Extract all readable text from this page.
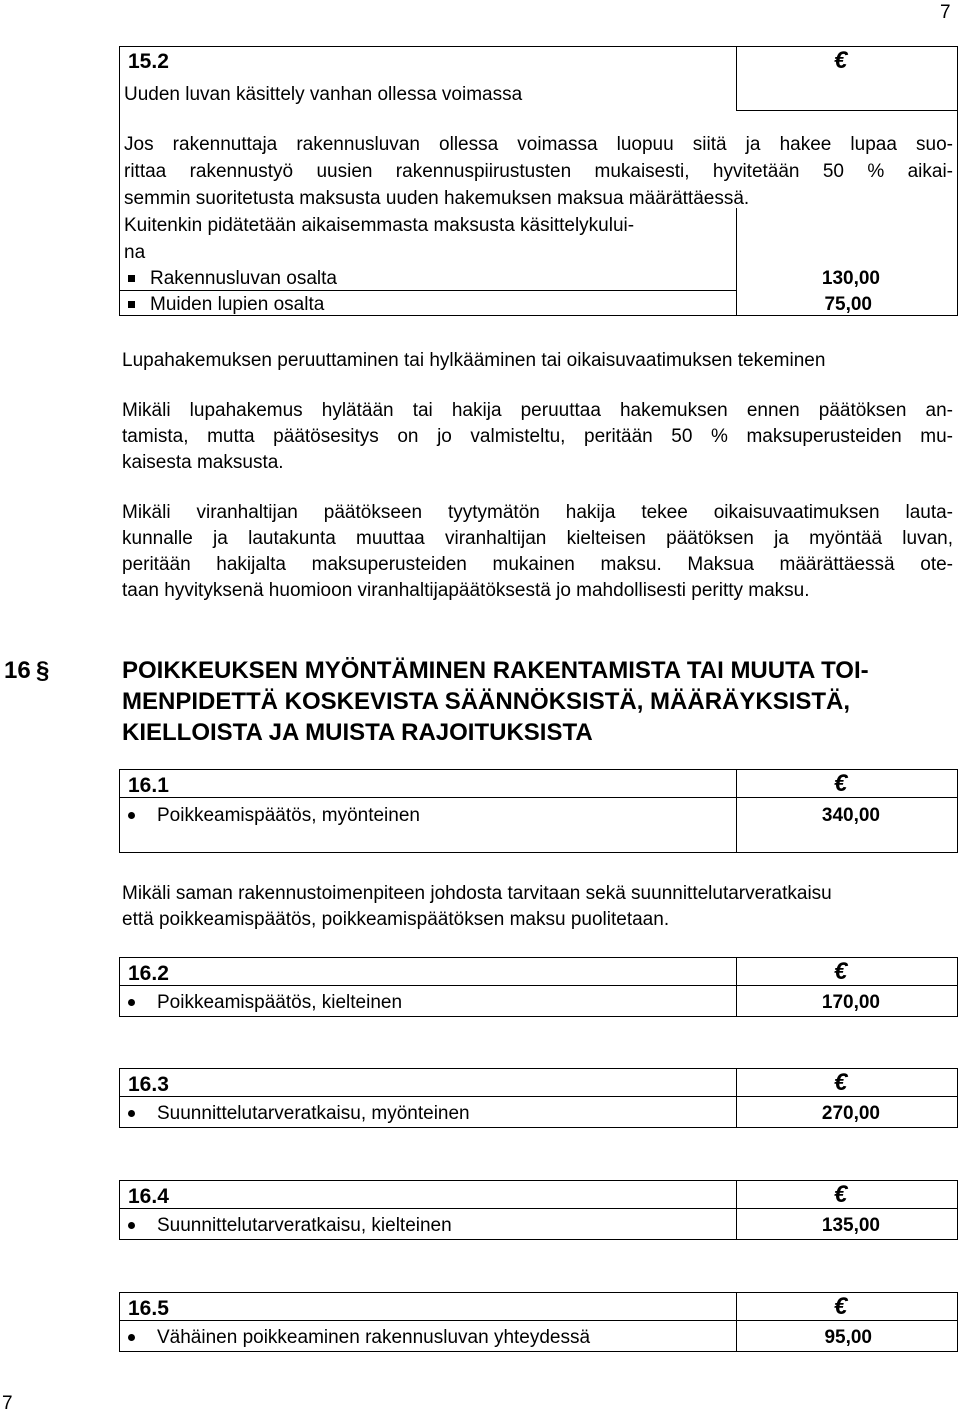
7
7
15.2	€
Uuden luvan käsittely vanhan ollessa voimassa
Jos rakennuttaja rakennusluvan ollessa voimassa luopuu siitä ja hakee lupaa suo-
rittaa rakennustyö uusien rakennuspiirustusten mukaisesti, hyvitetään 50 % aikai-
semmin suoritetusta maksusta uuden hakemuksen maksua määrättäessä.
Kuitenkin pidätetään aikaisemmasta maksusta käsittelykului-
na
Rakennusluvan osalta	130,00
Muiden lupien osalta	75,00
Lupahakemuksen peruuttaminen tai hylkääminen tai oikaisuvaatimuksen tekeminen
Mikäli lupahakemus hylätään tai hakija peruuttaa hakemuksen ennen päätöksen an-
tamista, mutta päätösesitys on jo valmisteltu, peritään 50 % maksuperusteiden mu-
kaisesta maksusta.
Mikäli viranhaltijan päätökseen tyytymätön hakija tekee oikaisuvaatimuksen lauta-
kunnalle ja lautakunta muuttaa viranhaltijan kielteisen päätöksen ja myöntää luvan,
peritään hakijalta maksuperusteiden mukainen maksu. Maksua määrättäessä ote-
taan hyvityksenä huomioon viranhaltijapäätöksestä jo mahdollisesti peritty maksu.
16 §	POIKKEUKSEN MYÖNTÄMINEN RAKENTAMISTA TAI MUUTA TOI-
MENPIDETTÄ KOSKEVISTA SÄÄNNÖKSISTÄ, MÄÄRÄYKSISTÄ,
KIELLOISTA JA MUISTA RAJOITUKSISTA
16.1	€
Poikkeamispäätös, myönteinen	340,00
Mikäli saman rakennustoimenpiteen johdosta tarvitaan sekä suunnittelutarveratkaisu
että poikkeamispäätös, poikkeamispäätöksen maksu puolitetaan.
16.2	€
Poikkeamispäätös, kielteinen	170,00
16.3	€
Suunnittelutarveratkaisu, myönteinen	270,00
16.4	€
Suunnittelutarveratkaisu, kielteinen	135,00
16.5	€
Vähäinen poikkeaminen rakennusluvan yhteydessä	95,00
